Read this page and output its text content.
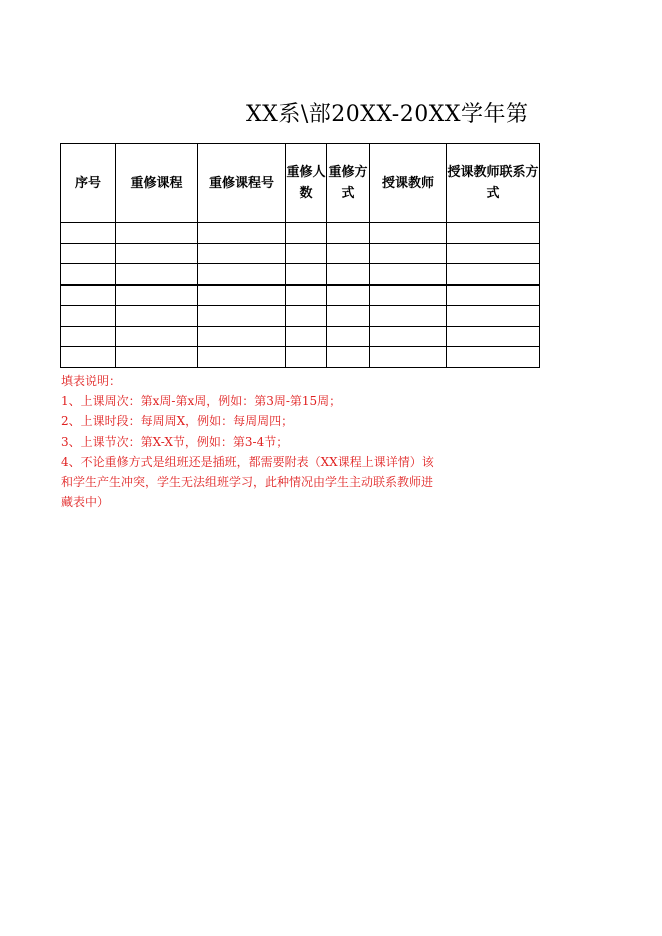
XX系\部20XX-20XX学年第
序号	重修课程	重修课程号	重修人数	重修方式	授课教师	授课教师联系方式

填表说明：
1、上课周次：第x周-第x周，例如：第3周-第15周；
2、上课时段：每周周X，例如：每周周四；
3、上课节次：第X-X节，例如：第3-4节；
4、不论重修方式是组班还是插班，都需要附表（XX课程上课详情）该
和学生产生冲突，学生无法组班学习，此种情况由学生主动联系教师进
藏表中）
